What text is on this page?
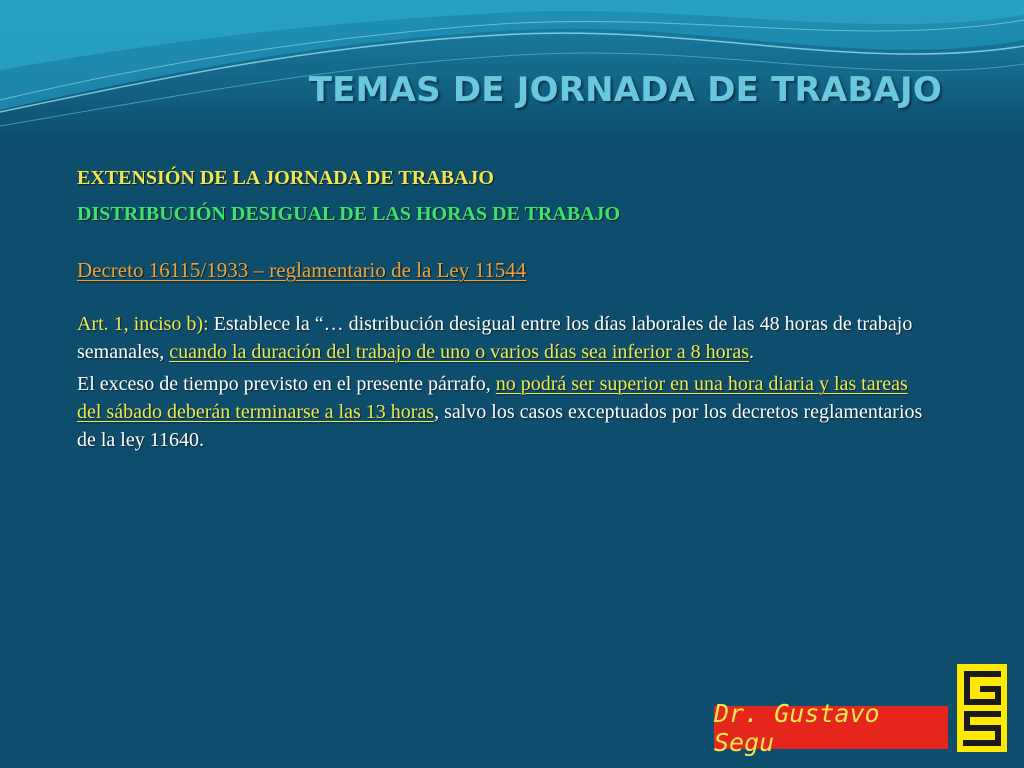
TEMAS DE JORNADA DE TRABAJO

EXTENSIÓN DE LA JORNADA DE TRABAJO

DISTRIBUCIÓN DESIGUAL DE LAS HORAS DE TRABAJO

Decreto 16115/1933 – reglamentario de la Ley 11544

Art. 1, inciso b): Establece la “… distribución desigual entre los días laborales de las 48 horas de trabajo semanales, cuando la duración del trabajo de uno o varios días sea inferior a 8 horas.

El exceso de tiempo previsto en el presente párrafo, no podrá ser superior en una hora diaria y las tareas del sábado deberán terminarse a las 13 horas, salvo los casos exceptuados por los decretos reglamentarios de la ley 11640.

Dr. Gustavo Segu
